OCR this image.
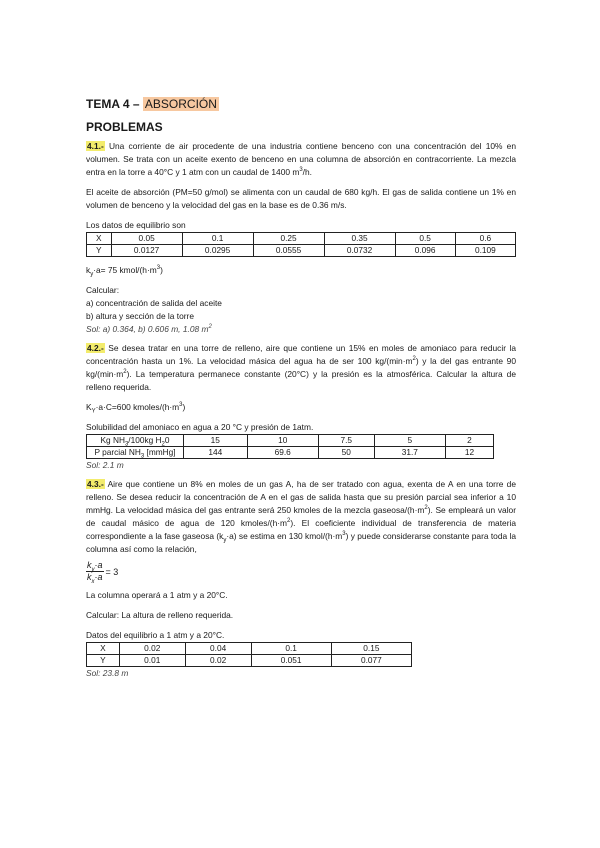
TEMA 4 – ABSORCIÓN
PROBLEMAS

4.1.- Una corriente de air procedente de una industria contiene benceno con una concentración del 10% en volumen. Se trata con un aceite exento de benceno en una columna de absorción en contracorriente. La mezcla entra en la torre a 40°C y 1 atm con un caudal de 1400 $m^3/h$.

El aceite de absorción (PM=50 g/mol) se alimenta con un caudal de 680 kg/h. El gas de salida contiene un 1% en volumen de benceno y la velocidad del gas en la base es de 0.36 m/s.

Los datos de equilibrio son

X	0.05	0.1	0.25	0.35	0.5	0.6
Y	0.0127	0.0295	0.0555	0.0732	0.096	0.109

$k_y\cdot a= 75$ kmol/$(h\cdot m^3)$

Calcular:

a) concentración de salida del aceite

b) altura y sección de la torre

Sol: a) 0.364, b) 0.606 m, 1.08 $m^2$

4.2.- Se desea tratar en una torre de relleno, aire que contiene un 15% en moles de amoniaco para reducir la concentración hasta un 1%. La velocidad másica del agua ha de ser 100 $kg/(\min\cdot m^2)$ y la del gas entrante 90 $kg/(\min\cdot m^2)$. La temperatura permanece constante (20°C) y la presión es la atmosférica. Calcular la altura de relleno requerida.

$K_Y\cdot a\cdot C=600$ kmoles/$(h\cdot m^3)$

Solubilidad del amoniaco en agua a 20 °C y presión de 1atm.

Kg $NH_3/100kg$ $H_20$	15	10	7.5	5	2
P parcial $NH_3$ [mmHg]	144	69.6	50	31.7	12

Sol: 2.1 m

4.3.- Aire que contiene un 8% en moles de un gas A, ha de ser tratado con agua, exenta de A en una torre de relleno. Se desea reducir la concentración de A en el gas de salida hasta que su presión parcial sea inferior a 10 mmHg. La velocidad másica del gas entrante será 250 kmoles de la mezcla gaseosa/$(h\cdot m^2)$. Se empleará un valor de caudal másico de agua de 120 kmoles/$(h\cdot m^2)$. El coeficiente individual de transferencia de materia correspondiente a la fase gaseosa $(k_y\cdot a)$ se estima en 130 kmol/$(h\cdot m^3)$ y puede considerarse constante para toda la columna así como la relación,

$\frac{k_y\cdot a}{k_x\cdot a} = 3$

La columna operará a 1 atm y a 20°C.

Calcular: La altura de relleno requerida.

Datos del equilibrio a 1 atm y a 20°C.

X	0.02	0.04	0.1	0.15
Y	0.01	0.02	0.051	0.077

Sol: 23.8 m
